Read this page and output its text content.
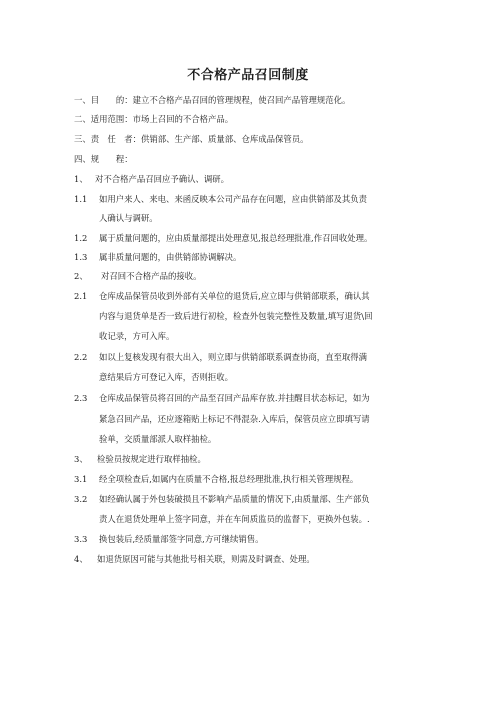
不合格产品召回制度
一、目　　的：建立不合格产品召回的管理规程，使召回产品管理规范化。
二、适用范围：市场上召回的不合格产品。
三、责　任　者：供销部、生产部、质量部、仓库成品保管员。
四、规　　程：
1、 对不合格产品召回应予确认、调研。
1.1 如用户来人、来电、来函反映本公司产品存在问题，应由供销部及其负责
人确认与调研。
1.2 属于质量问题的，应由质量部提出处理意见,报总经理批准,作召回收处理。
1.3 属非质量问题的，由供销部协调解决。
2、 对召回不合格产品的接收。
2.1 仓库成品保管员收到外部有关单位的退货后,应立即与供销部联系，确认其
内容与退货单是否一致后进行初检，检查外包装完整性及数量,填写退货\回
收记录，方可入库。
2.2 如以上复核发现有很大出入，则立即与供销部联系调查协商，直至取得满
意结果后方可登记入库，否则拒收。
2.3 仓库成品保管员将召回的产品至召回产品库存放.并挂醒目状态标记，如为
紧急召回产品，还应逐箱贴上标记不得混杂.入库后，保管员应立即填写请
验单，交质量部派人取样抽检。
3、 检验员按规定进行取样抽检。
3.1 经全项检查后,如属内在质量不合格,报总经理批准,执行相关管理规程。
3.2 如经确认属于外包装破损且不影响产品质量的情况下,由质量部、生产部负
责人在退货处理单上签字同意，并在车间质监员的监督下，更换外包装。.
3.3 换包装后,经质量部签字同意,方可继续销售。
4、 如退货原因可能与其他批号相关联，则需及时调查、处理。
